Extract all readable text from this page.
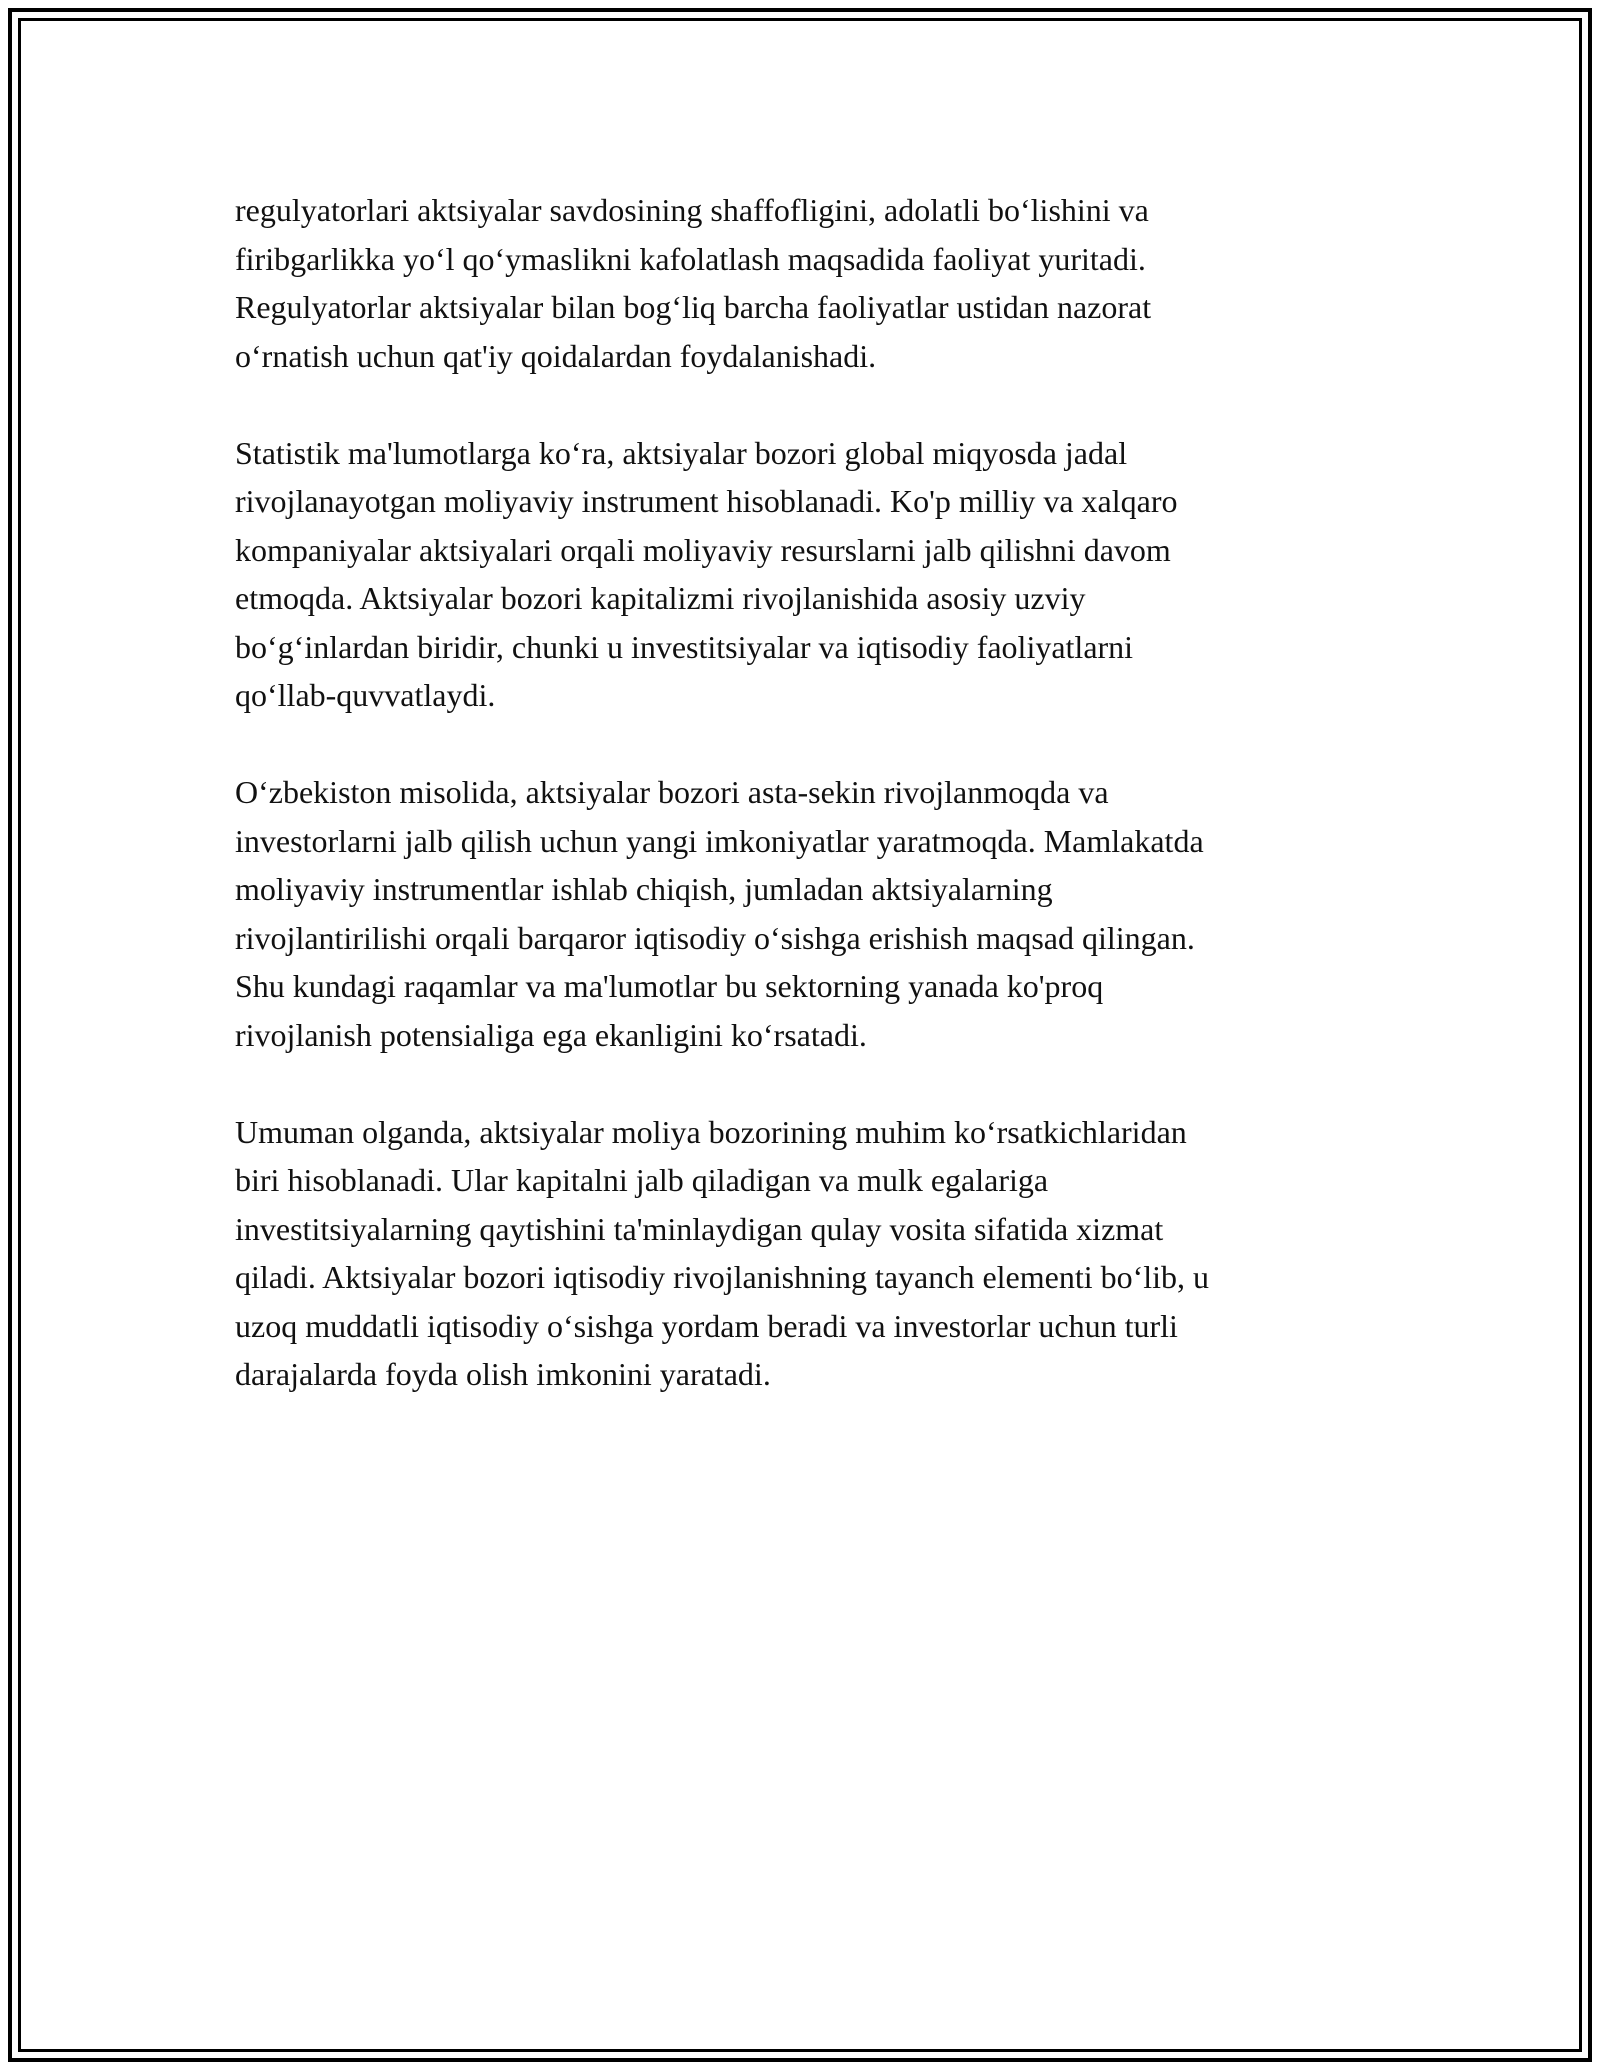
regulyatorlari aktsiyalar savdosining shaffofligini, adolatli bo‘lishini va
firibgarlikka yo‘l qo‘ymaslikni kafolatlash maqsadida faoliyat yuritadi.
Regulyatorlar aktsiyalar bilan bog‘liq barcha faoliyatlar ustidan nazorat
o‘rnatish uchun qat'iy qoidalardan foydalanishadi.

Statistik ma'lumotlarga ko‘ra, aktsiyalar bozori global miqyosda jadal
rivojlanayotgan moliyaviy instrument hisoblanadi. Ko'p milliy va xalqaro
kompaniyalar aktsiyalari orqali moliyaviy resurslarni jalb qilishni davom
etmoqda. Aktsiyalar bozori kapitalizmi rivojlanishida asosiy uzviy
bo‘g‘inlardan biridir, chunki u investitsiyalar va iqtisodiy faoliyatlarni
qo‘llab-quvvatlaydi.

O‘zbekiston misolida, aktsiyalar bozori asta-sekin rivojlanmoqda va
investorlarni jalb qilish uchun yangi imkoniyatlar yaratmoqda. Mamlakatda
moliyaviy instrumentlar ishlab chiqish, jumladan aktsiyalarning
rivojlantirilishi orqali barqaror iqtisodiy o‘sishga erishish maqsad qilingan.
Shu kundagi raqamlar va ma'lumotlar bu sektorning yanada ko'proq
rivojlanish potensialiga ega ekanligini ko‘rsatadi.

Umuman olganda, aktsiyalar moliya bozorining muhim ko‘rsatkichlaridan
biri hisoblanadi. Ular kapitalni jalb qiladigan va mulk egalariga
investitsiyalarning qaytishini ta'minlaydigan qulay vosita sifatida xizmat
qiladi. Aktsiyalar bozori iqtisodiy rivojlanishning tayanch elementi bo‘lib, u
uzoq muddatli iqtisodiy o‘sishga yordam beradi va investorlar uchun turli
darajalarda foyda olish imkonini yaratadi.
